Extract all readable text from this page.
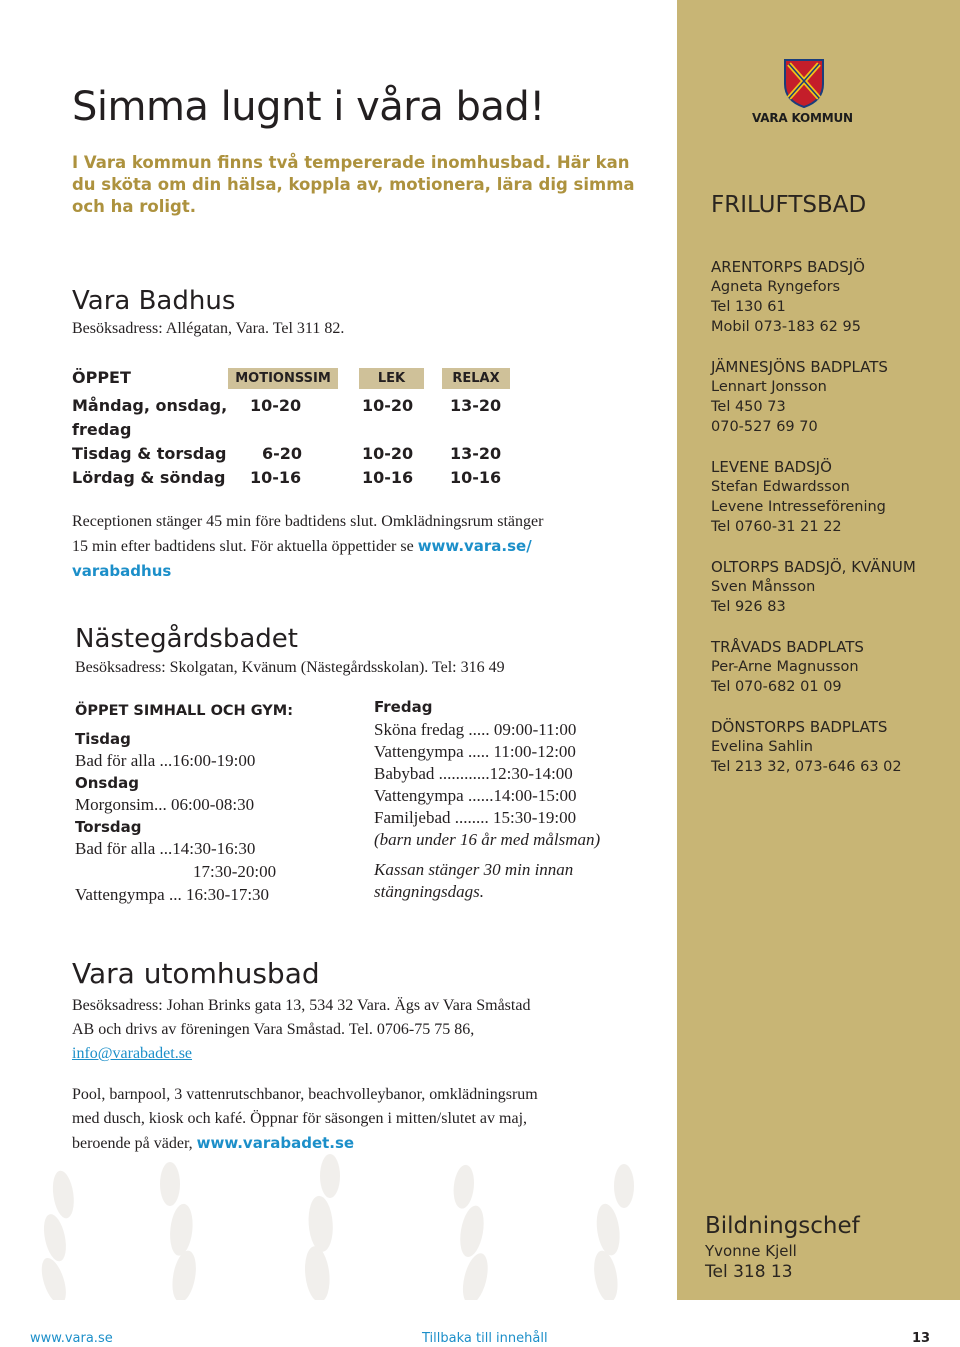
VARA KOMMUN
Simma lugnt i våra bad!

I Vara kommun finns två tempererade inomhusbad. Här kan du sköta om din hälsa, koppla av, motionera, lära dig simma och ha roligt.

Vara Badhus
Besöksadress: Allégatan, Vara. Tel 311 82.
ÖPPET	MOTIONSSIM	LEK	RELAX
Måndag, onsdag, 10-20	10-20 13-20
fredag
Tisdag & torsdag 6-20	10-20 13-20
Lördag & söndag 10-16	10-16 10-16
Receptionen stänger 45 min före badtidens slut. Omklädningsrum stänger
15 min efter badtidens slut. För aktuella öppettider se www.vara.se/
varabadhus
Nästegårdsbadet
Besöksadress: Skolgatan, Kvänum (Nästegårdsskolan). Tel: 316 49
ÖPPET SIMHALL OCH GYM:
Tisdag
Bad för alla ...16:00-19:00
Onsdag
Morgonsim... 06:00-08:30
Torsdag
Bad för alla ...14:30-16:30
17:30-20:00
Vattengympa ... 16:30-17:30
Fredag
Sköna fredag ..... 09:00-11:00
Vattengympa ..... 11:00-12:00
Babybad ............12:30-14:00
Vattengympa ......14:00-15:00
Familjebad ........ 15:30-19:00
(barn under 16 år med målsman)
Kassan stänger 30 min innan
stängningsdags.
Vara utomhusbad
Besöksadress: Johan Brinks gata 13, 534 32 Vara. Ägs av Vara Småstad
AB och drivs av föreningen Vara Småstad. Tel. 0706-75 75 86,
info@varabadet.se
Pool, barnpool, 3 vattenrutschbanor, beachvolleybanor, omklädningsrum
med dusch, kiosk och kafé. Öppnar för säsongen i mitten/slutet av maj,
beroende på väder, www.varabadet.se
FRILUFTSBAD
ARENTORPS BADSJÖ
Agneta Ryngefors
Tel 130 61
Mobil 073-183 62 95
JÄMNESJÖNS BADPLATS
Lennart Jonsson
Tel 450 73
070-527 69 70
LEVENE BADSJÖ
Stefan Edwardsson
Levene Intresseförening
Tel 0760-31 21 22
OLTORPS BADSJÖ, KVÄNUM
Sven Månsson
Tel 926 83
TRÅVADS BADPLATS
Per-Arne Magnusson
Tel 070-682 01 09
DÖNSTORPS BADPLATS
Evelina Sahlin
Tel 213 32, 073-646 63 02
Bildningschef
Yvonne Kjell
Tel 318 13
www.vara.se	Tillbaka till innehåll	13
